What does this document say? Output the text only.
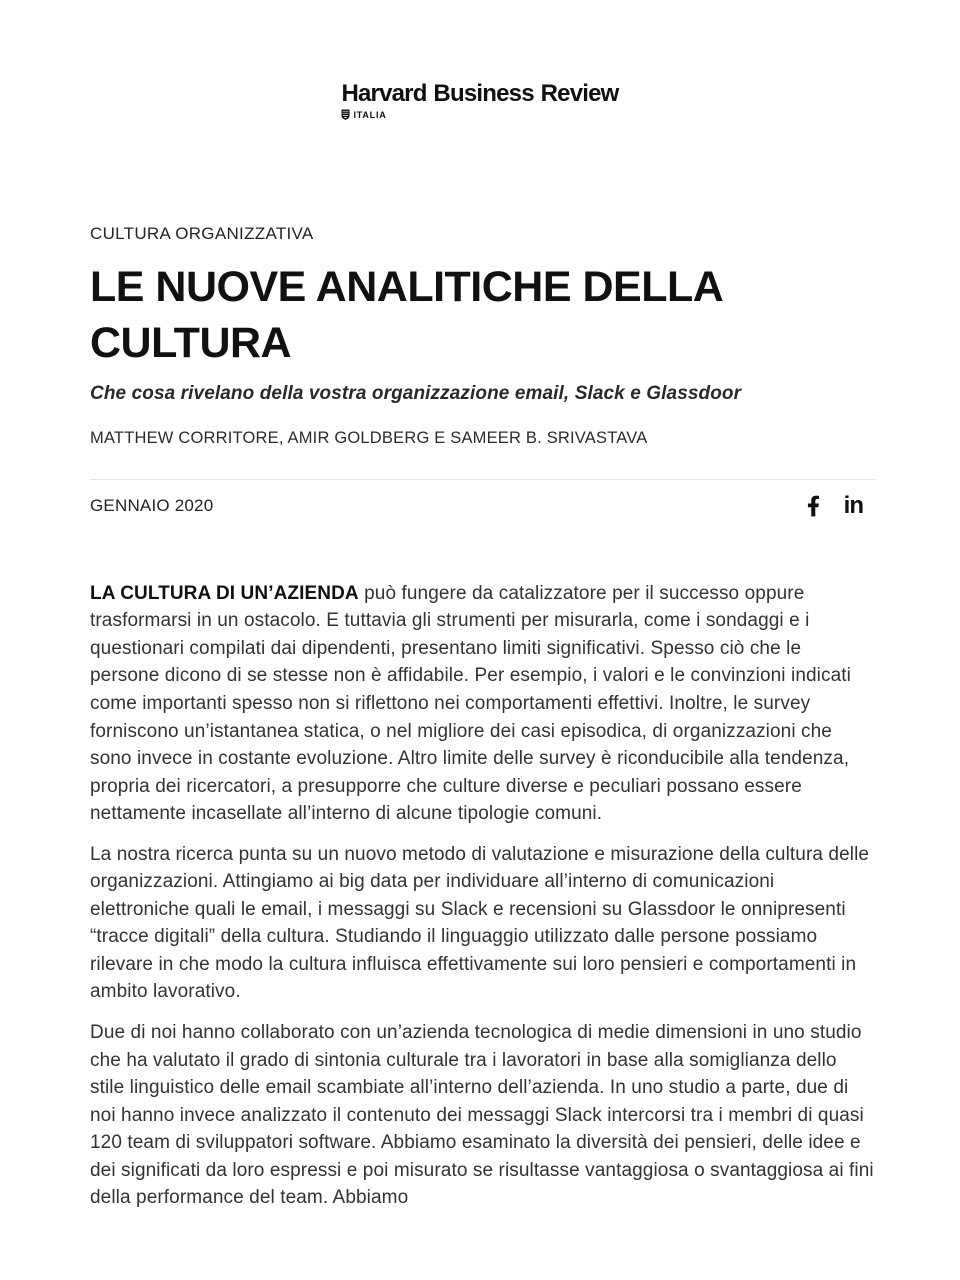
Harvard Business Review
ITALIA
CULTURA ORGANIZZATIVA
LE NUOVE ANALITICHE DELLA CULTURA

Che cosa rivelano della vostra organizzazione email, Slack e Glassdoor

MATTHEW CORRITORE, AMIR GOLDBERG E SAMEER B. SRIVASTAVA
GENNAIO 2020	in

LA CULTURA DI UN’AZIENDA può fungere da catalizzatore per il successo oppure trasformarsi in un ostacolo. E tuttavia gli strumenti per misurarla, come i sondaggi e i questionari compilati dai dipendenti, presentano limiti significativi. Spesso ciò che le persone dicono di se stesse non è affidabile. Per esempio, i valori e le convinzioni indicati come importanti spesso non si riflettono nei comportamenti effettivi. Inoltre, le survey forniscono un’istantanea statica, o nel migliore dei casi episodica, di organizzazioni che sono invece in costante evoluzione. Altro limite delle survey è riconducibile alla tendenza, propria dei ricercatori, a presupporre che culture diverse e peculiari possano essere nettamente incasellate all’interno di alcune tipologie comuni.

La nostra ricerca punta su un nuovo metodo di valutazione e misurazione della cultura delle organizzazioni. Attingiamo ai big data per individuare all’interno di comunicazioni elettroniche quali le email, i messaggi su Slack e recensioni su Glassdoor le onnipresenti “tracce digitali” della cultura. Studiando il linguaggio utilizzato dalle persone possiamo rilevare in che modo la cultura influisca effettivamente sui loro pensieri e comportamenti in ambito lavorativo.

Due di noi hanno collaborato con un’azienda tecnologica di medie dimensioni in uno studio che ha valutato il grado di sintonia culturale tra i lavoratori in base alla somiglianza dello stile linguistico delle email scambiate all’interno dell’azienda. In uno studio a parte, due di noi hanno invece analizzato il contenuto dei messaggi Slack intercorsi tra i membri di quasi 120 team di sviluppatori software. Abbiamo esaminato la diversità dei pensieri, delle idee e dei significati da loro espressi e poi misurato se risultasse vantaggiosa o svantaggiosa ai fini della performance del team. Abbiamo
